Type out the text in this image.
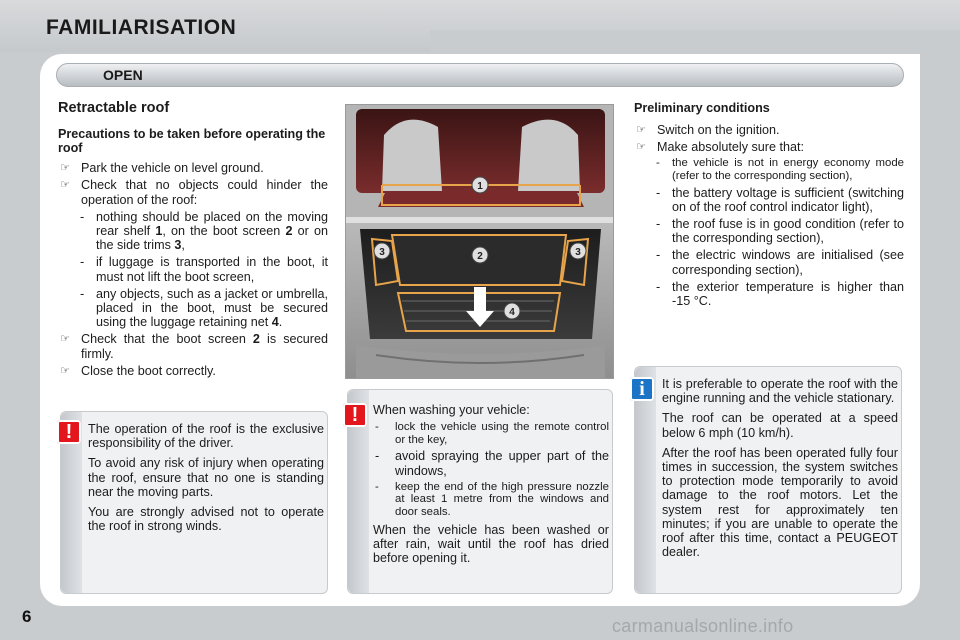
FAMILIARISATION
OPEN
Retractable roof
Precautions to be taken before operating the roof
☞ Park the vehicle on level ground.
☞ Check that no objects could hinder the operation of the roof:
- nothing should be placed on the moving rear shelf 1, on the boot screen 2 or on the side trims 3,
- if luggage is transported in the boot, it must not lift the boot screen,
- any objects, such as a jacket or umbrella, placed in the boot, must be secured using the luggage retaining net 4.
☞ Check that the boot screen 2 is secured firmly.
☞ Close the boot correctly.
1
2
3	3
4
Preliminary conditions
☞ Switch on the ignition.
☞ Make absolutely sure that:
- the vehicle is not in energy economy mode (refer to the corresponding section),
- the battery voltage is sufficient (switching on of the roof control indicator light),
- the roof fuse is in good condition (refer to the corresponding section),
- the electric windows are initialised (see corresponding section),
- the exterior temperature is higher than -15 °C.

The operation of the roof is the exclusive responsibility of the driver.

To avoid any risk of injury when operating the roof, ensure that no one is standing near the moving parts.

You are strongly advised not to operate the roof in strong winds.

!

When washing your vehicle:

- lock the vehicle using the remote control or the key,
- avoid spraying the upper part of the windows,
- keep the end of the high pressure nozzle at least 1 metre from the windows and door seals.

When the vehicle has been washed or after rain, wait until the roof has dried before opening it.

!

It is preferable to operate the roof with the engine running and the vehicle stationary.

The roof can be operated at a speed below 6 mph (10 km/h).

After the roof has been operated fully four times in succession, the system switches to protection mode temporarily to avoid damage to the roof motors. Let the system rest for approximately ten minutes; if you are unable to operate the roof after this time, contact a PEUGEOT dealer.

i
6	carmanualsonline.info
